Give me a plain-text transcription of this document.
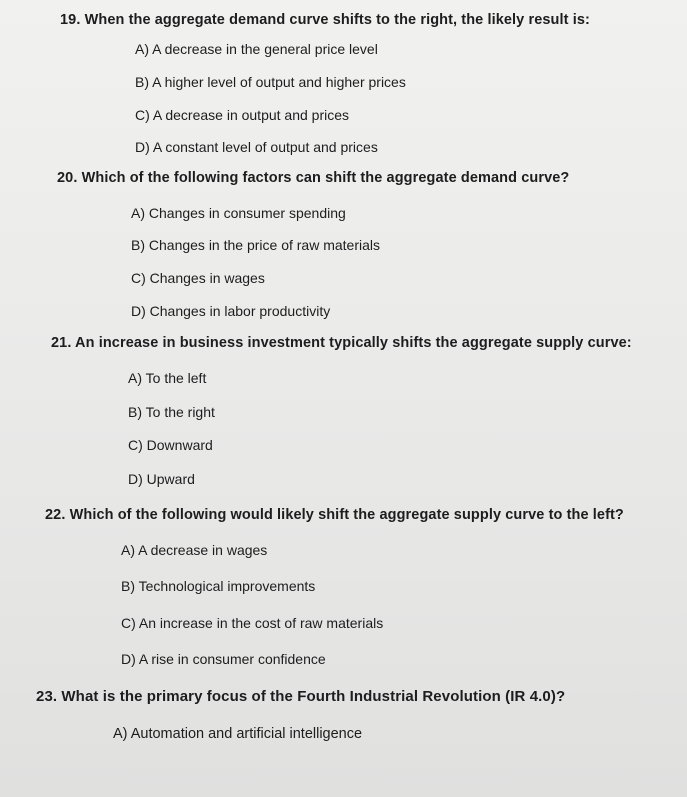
19. When the aggregate demand curve shifts to the right, the likely result is:
A) A decrease in the general price level
B) A higher level of output and higher prices
C) A decrease in output and prices
D) A constant level of output and prices
20. Which of the following factors can shift the aggregate demand curve?
A) Changes in consumer spending
B) Changes in the price of raw materials
C) Changes in wages
D) Changes in labor productivity
21. An increase in business investment typically shifts the aggregate supply curve:
A) To the left
B) To the right
C) Downward
D) Upward
22. Which of the following would likely shift the aggregate supply curve to the left?
A) A decrease in wages
B) Technological improvements
C) An increase in the cost of raw materials
D) A rise in consumer confidence
23. What is the primary focus of the Fourth Industrial Revolution (IR 4.0)?
A) Automation and artificial intelligence
